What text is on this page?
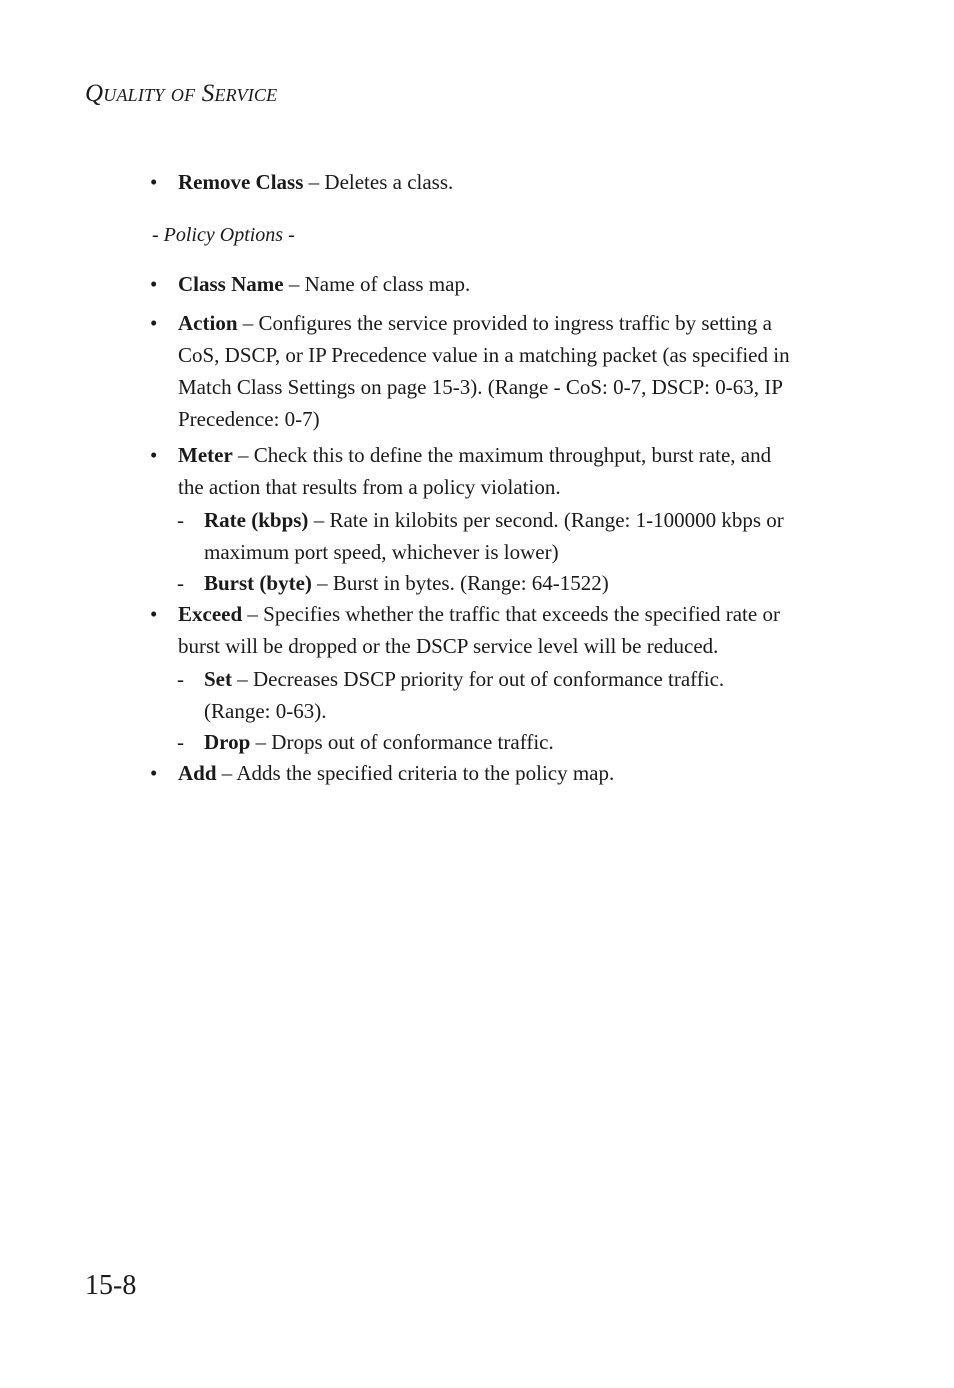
Quality of Service
• Remove Class – Deletes a class.
• Class Name – Name of class map.
• Action – Configures the service provided to ingress traffic by setting a
CoS, DSCP, or IP Precedence value in a matching packet (as specified in
Match Class Settings on page 15-3). (Range - CoS: 0-7, DSCP: 0-63, IP
Precedence: 0-7)
• Meter – Check this to define the maximum throughput, burst rate, and
the action that results from a policy violation.
- Rate (kbps) – Rate in kilobits per second. (Range: 1-100000 kbps or
maximum port speed, whichever is lower)
- Burst (byte) – Burst in bytes. (Range: 64-1522)
• Exceed – Specifies whether the traffic that exceeds the specified rate or
burst will be dropped or the DSCP service level will be reduced.
- Set – Decreases DSCP priority for out of conformance traffic.
(Range: 0-63).
- Drop – Drops out of conformance traffic.
• Add – Adds the specified criteria to the policy map.
- Policy Options -
15-8
